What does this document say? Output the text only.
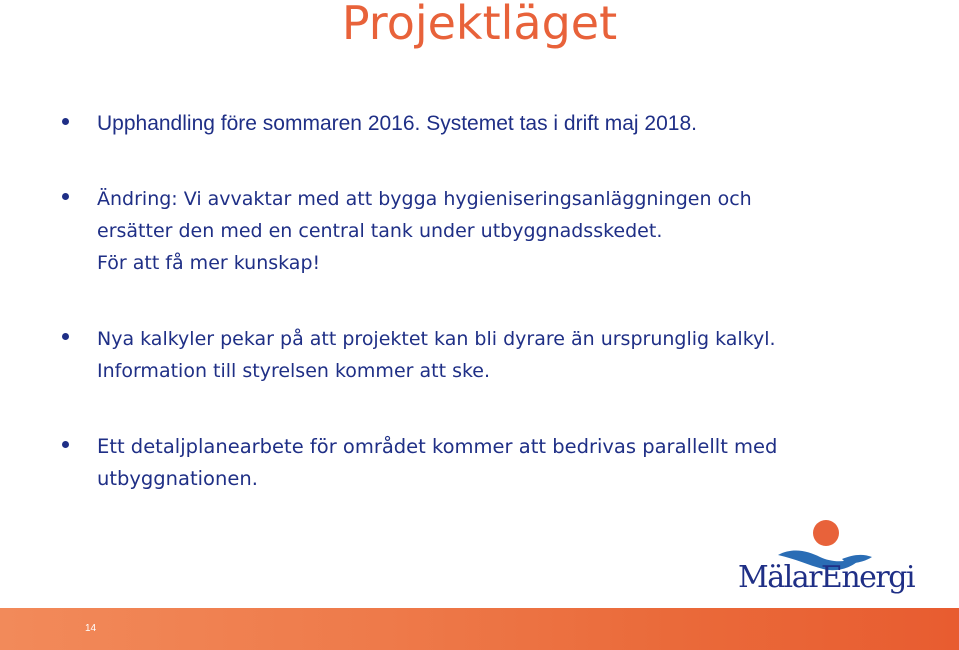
Projektläget
Upphandling före sommaren 2016. Systemet tas i drift maj 2018.
Ändring: Vi avvaktar med att bygga hygieniseringsanläggningen och
ersätter den med en central tank under utbyggnadsskedet.
För att få mer kunskap!
Nya kalkyler pekar på att projektet kan bli dyrare än ursprunglig kalkyl.
Information till styrelsen kommer att ske.
Ett detaljplanearbete för området kommer att bedrivas parallellt med
utbyggnationen.
MälarEnergi
14
